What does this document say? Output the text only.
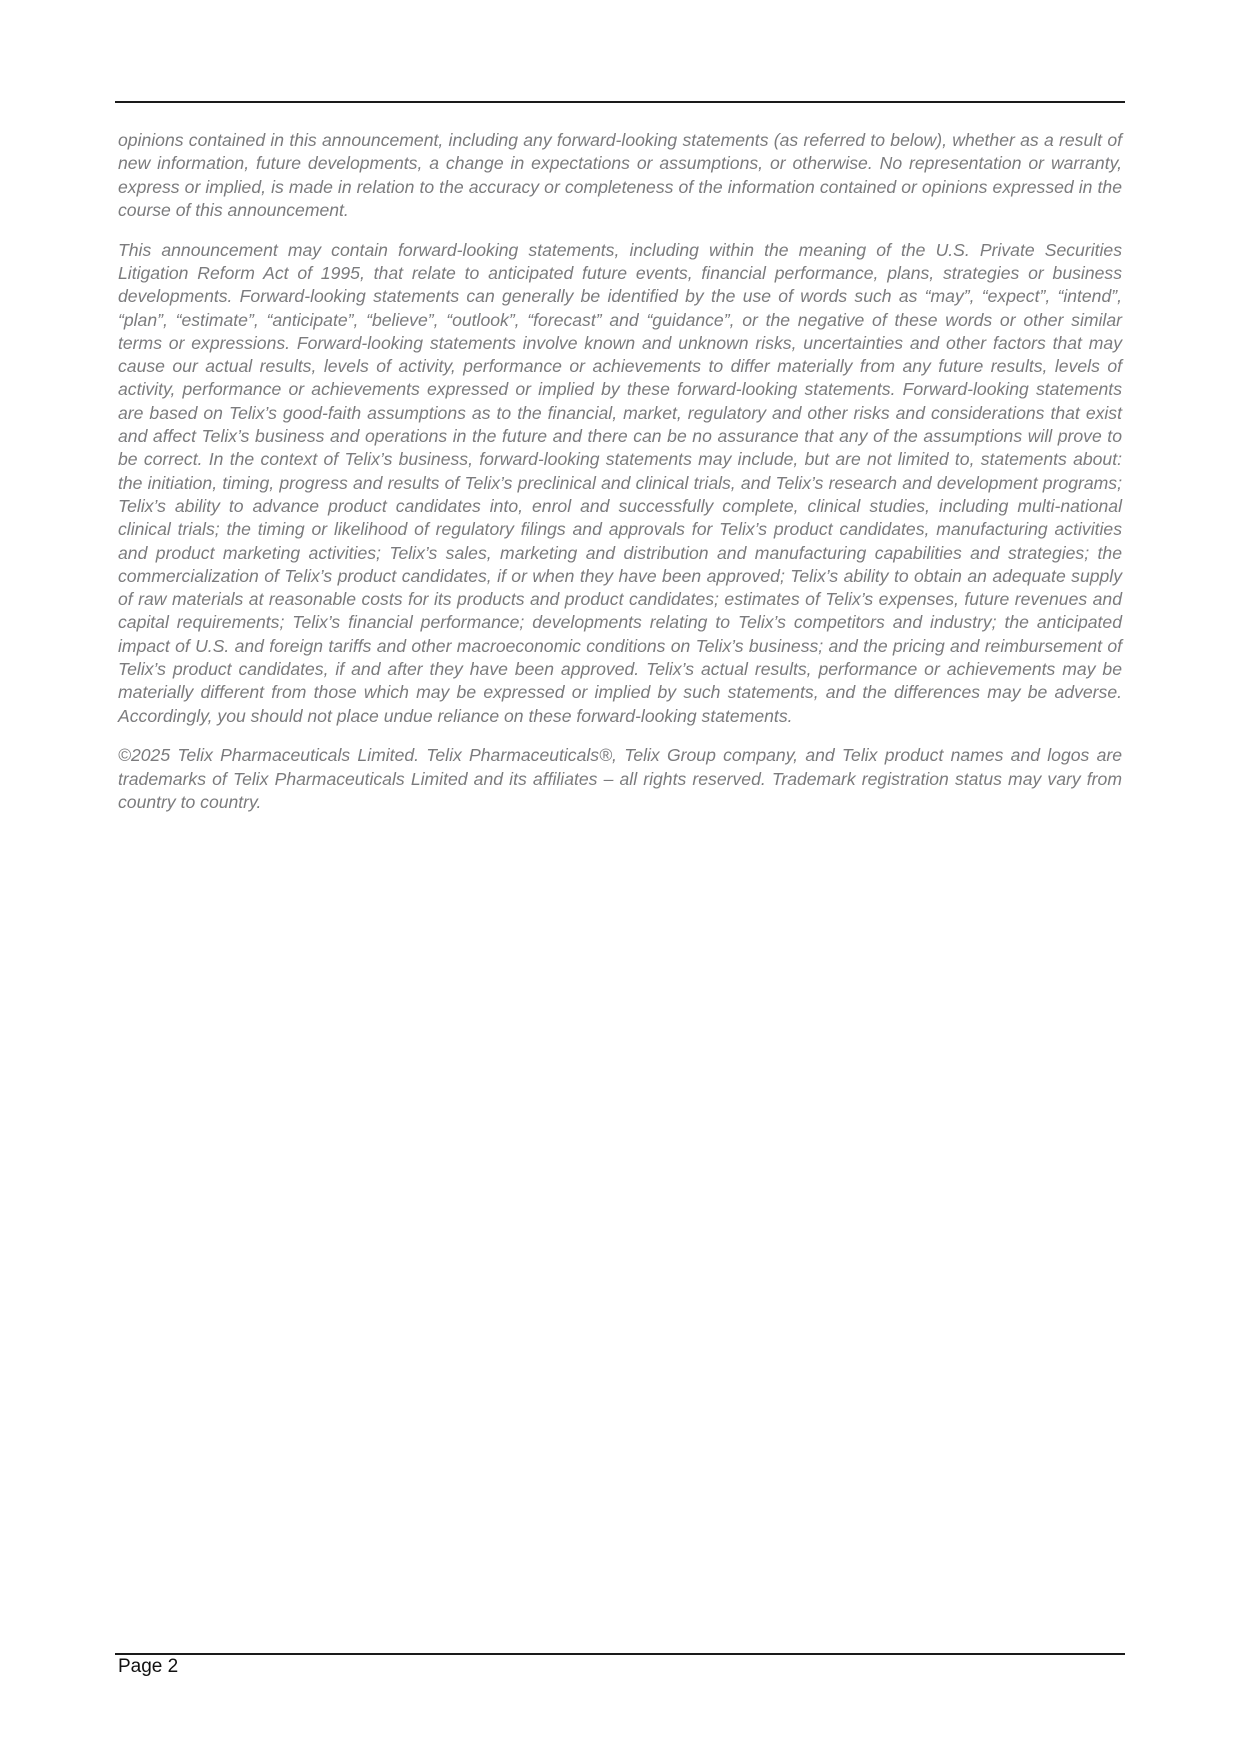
opinions contained in this announcement, including any forward-looking statements (as referred to below), whether as a result of new information, future developments, a change in expectations or assumptions, or otherwise. No representation or warranty, express or implied, is made in relation to the accuracy or completeness of the information contained or opinions expressed in the course of this announcement.

This announcement may contain forward-looking statements, including within the meaning of the U.S. Private Securities Litigation Reform Act of 1995, that relate to anticipated future events, financial performance, plans, strategies or business developments. Forward-looking statements can generally be identified by the use of words such as “may”, “expect”, “intend”, “plan”, “estimate”, “anticipate”, “believe”, “outlook”, “forecast” and “guidance”, or the negative of these words or other similar terms or expressions. Forward-looking statements involve known and unknown risks, uncertainties and other factors that may cause our actual results, levels of activity, performance or achievements to differ materially from any future results, levels of activity, performance or achievements expressed or implied by these forward-looking statements. Forward-looking statements are based on Telix’s good-faith assumptions as to the financial, market, regulatory and other risks and considerations that exist and affect Telix’s business and operations in the future and there can be no assurance that any of the assumptions will prove to be correct. In the context of Telix’s business, forward-looking statements may include, but are not limited to, statements about: the initiation, timing, progress and results of Telix’s preclinical and clinical trials, and Telix’s research and development programs; Telix’s ability to advance product candidates into, enrol and successfully complete, clinical studies, including multi-national clinical trials; the timing or likelihood of regulatory filings and approvals for Telix’s product candidates, manufacturing activities and product marketing activities; Telix’s sales, marketing and distribution and manufacturing capabilities and strategies; the commercialization of Telix’s product candidates, if or when they have been approved; Telix’s ability to obtain an adequate supply of raw materials at reasonable costs for its products and product candidates; estimates of Telix’s expenses, future revenues and capital requirements; Telix’s financial performance; developments relating to Telix’s competitors and industry; the anticipated impact of U.S. and foreign tariffs and other macroeconomic conditions on Telix’s business; and the pricing and reimbursement of Telix’s product candidates, if and after they have been approved. Telix’s actual results, performance or achievements may be materially different from those which may be expressed or implied by such statements, and the differences may be adverse. Accordingly, you should not place undue reliance on these forward-looking statements.

©2025 Telix Pharmaceuticals Limited. Telix Pharmaceuticals®, Telix Group company, and Telix product names and logos are trademarks of Telix Pharmaceuticals Limited and its affiliates – all rights reserved. Trademark registration status may vary from country to country.

Page 2
